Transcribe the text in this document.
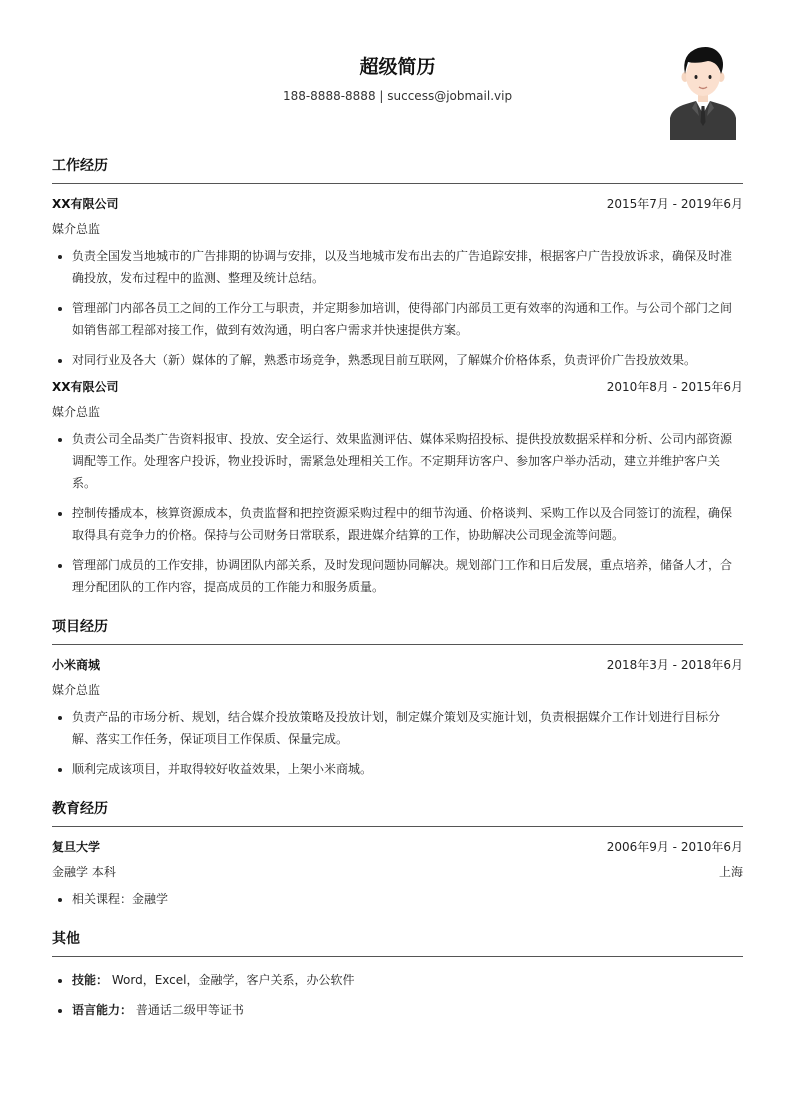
超级简历
188-8888-8888 | success@jobmail.vip
工作经历
XX有限公司	2015年7月 - 2019年6月
媒介总监
• 负责全国发当地城市的广告排期的协调与安排，以及当地城市发布出去的广告追踪安排，根据客户广告投放诉求，确保及时准确投放，发布过程中的监测、整理及统计总结。
• 管理部门内部各员工之间的工作分工与职责，并定期参加培训，使得部门内部员工更有效率的沟通和工作。与公司个部门之间如销售部工程部对接工作，做到有效沟通，明白客户需求并快速提供方案。
• 对同行业及各大（新）媒体的了解，熟悉市场竞争，熟悉现目前互联网，了解媒介价格体系，负责评价广告投放效果。
XX有限公司	2010年8月 - 2015年6月
媒介总监
• 负责公司全品类广告资料报审、投放、安全运行、效果监测评估、媒体采购招投标、提供投放数据采样和分析、公司内部资源调配等工作。处理客户投诉，物业投诉时，需紧急处理相关工作。不定期拜访客户、参加客户举办活动，建立并维护客户关系。
• 控制传播成本，核算资源成本，负责监督和把控资源采购过程中的细节沟通、价格谈判、采购工作以及合同签订的流程，确保取得具有竞争力的价格。保持与公司财务日常联系，跟进媒介结算的工作，协助解决公司现金流等问题。
• 管理部门成员的工作安排，协调团队内部关系，及时发现问题协同解决。规划部门工作和日后发展，重点培养，储备人才，合理分配团队的工作内容，提高成员的工作能力和服务质量。
项目经历
小米商城	2018年3月 - 2018年6月
媒介总监
• 负责产品的市场分析、规划，结合媒介投放策略及投放计划，制定媒介策划及实施计划，负责根据媒介工作计划进行目标分解、落实工作任务，保证项目工作保质、保量完成。
• 顺利完成该项目，并取得较好收益效果，上架小米商城。
教育经历
复旦大学	2006年9月 - 2010年6月
金融学 本科	上海
• 相关课程：金融学
其他
• 技能： Word，Excel，金融学，客户关系，办公软件
• 语言能力： 普通话二级甲等证书
